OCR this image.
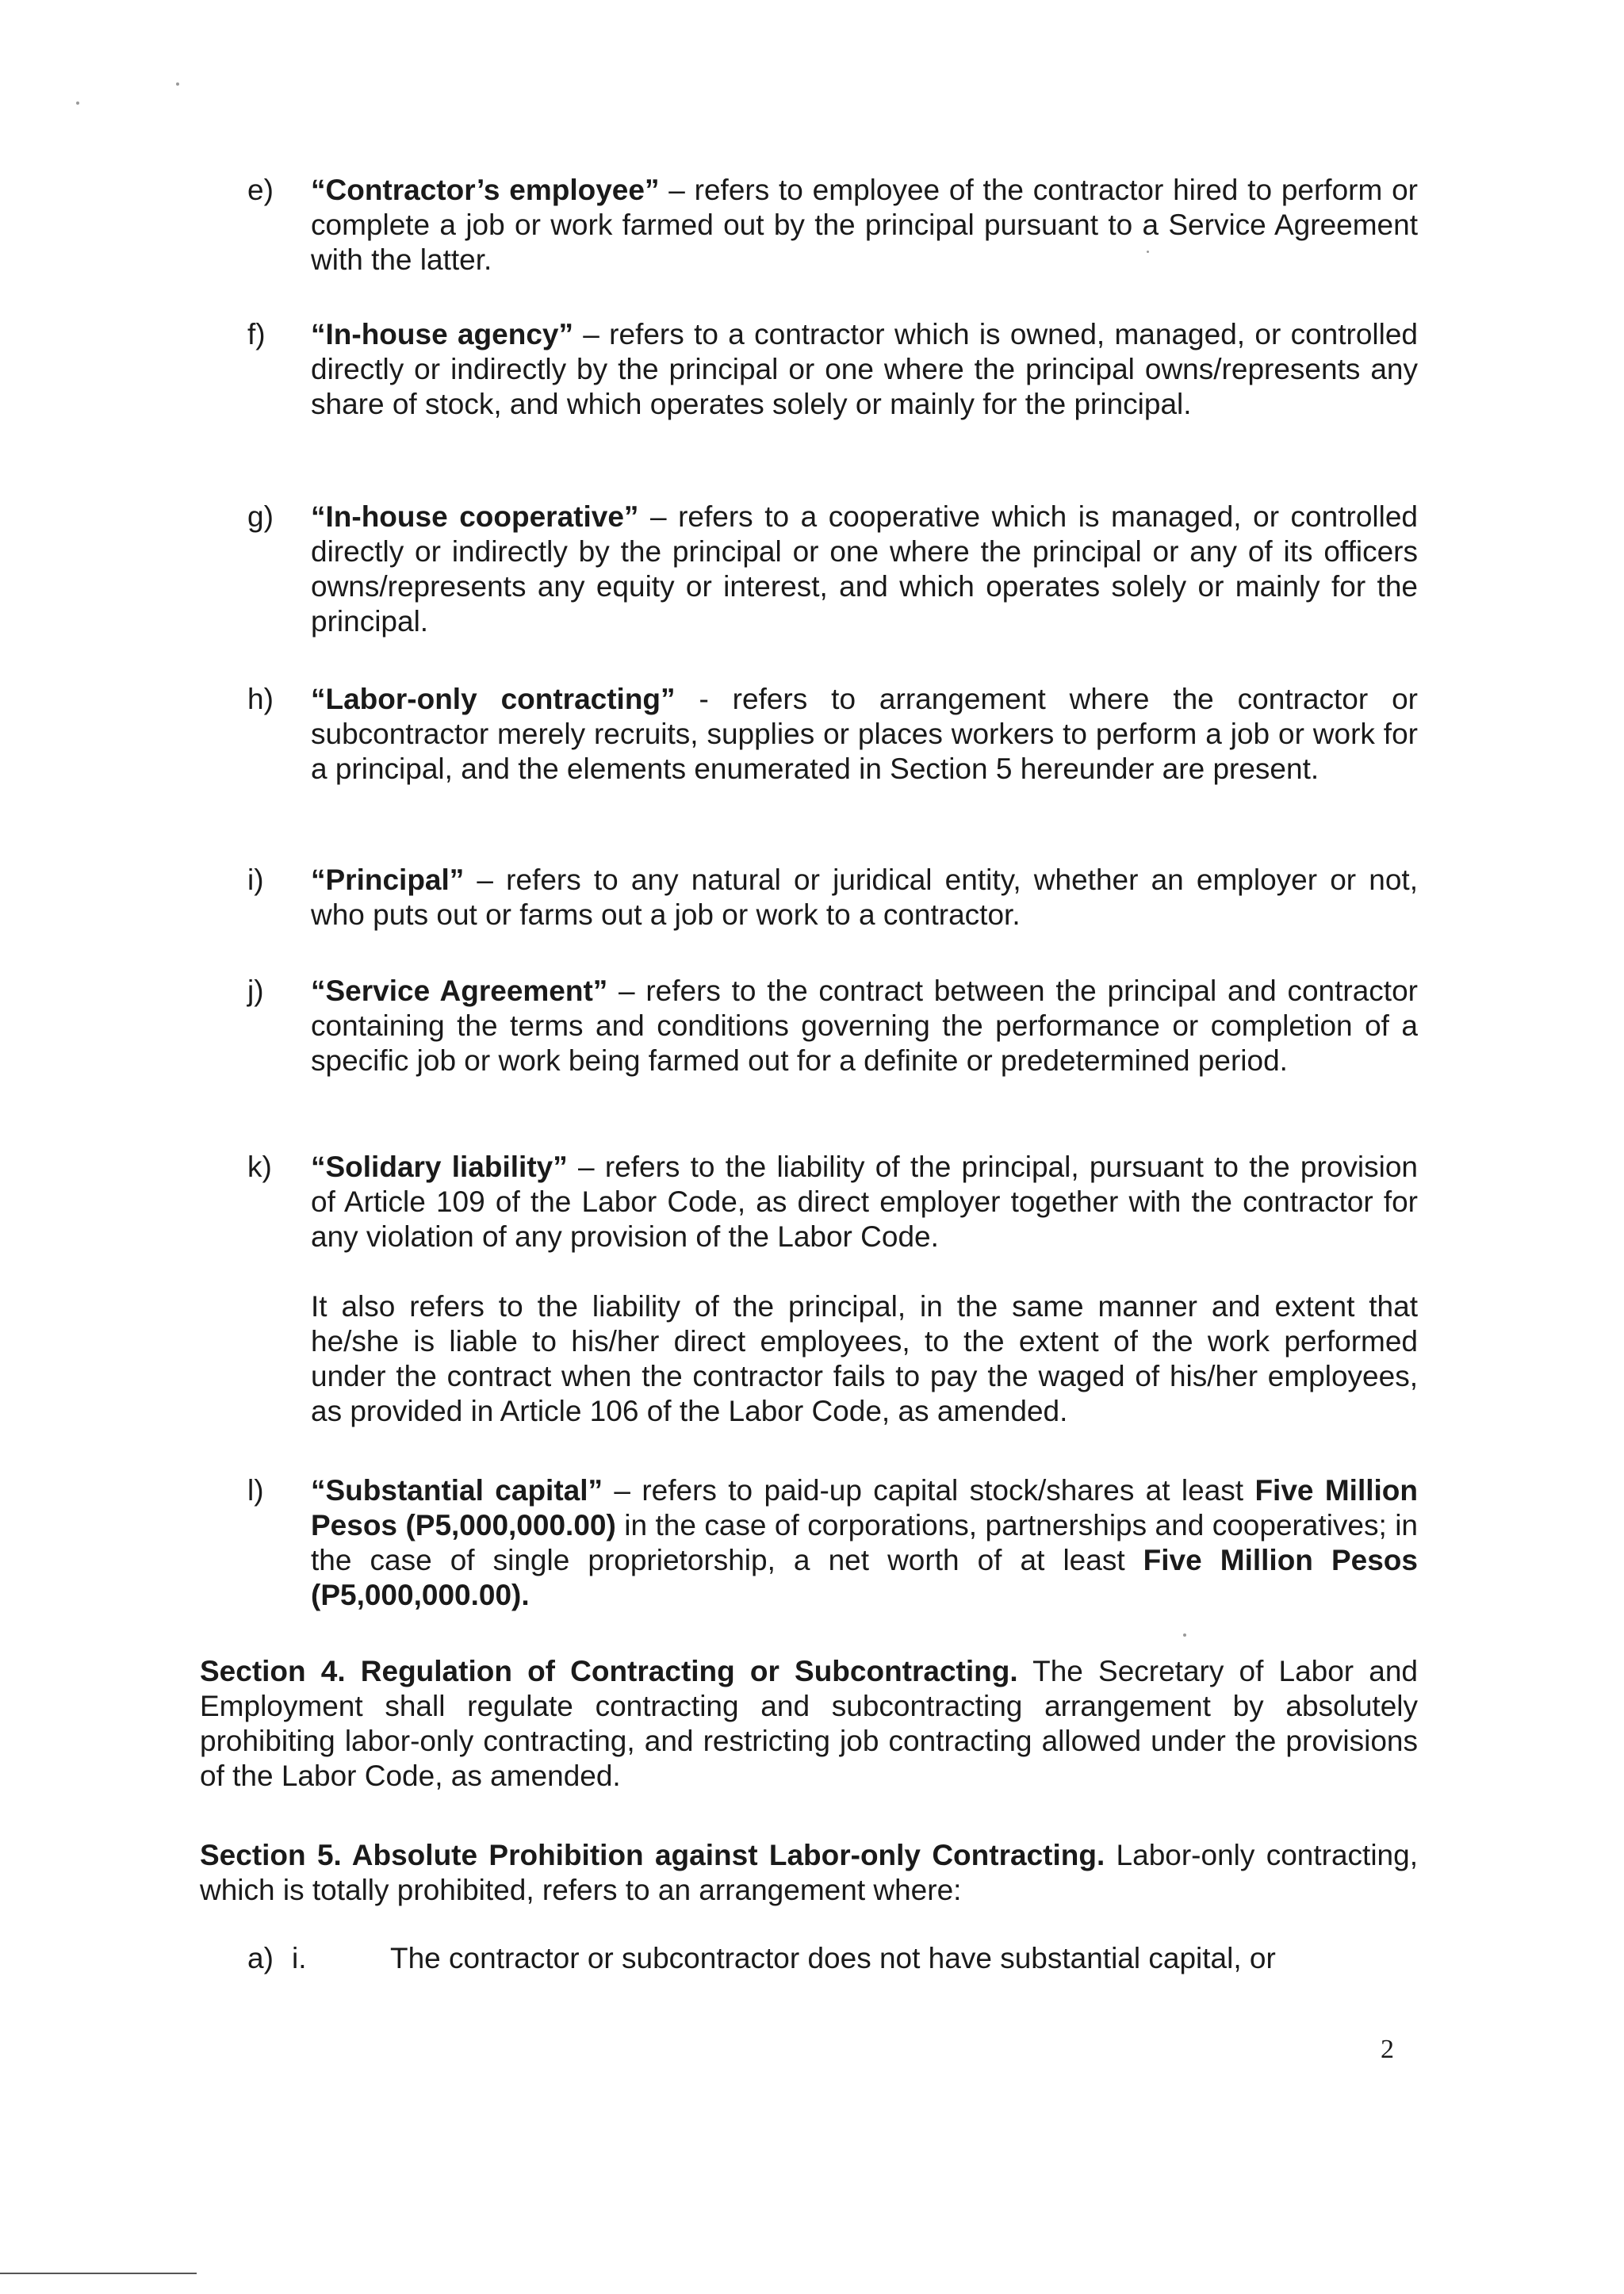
e) “Contractor’s employee” – refers to employee of the contractor hired to perform or complete a job or work farmed out by the principal pursuant to a Service Agreement with the latter.

f) “In-house agency” – refers to a contractor which is owned, managed, or controlled directly or indirectly by the principal or one where the principal owns/represents any share of stock, and which operates solely or mainly for the principal.

g) “In-house cooperative” – refers to a cooperative which is managed, or controlled directly or indirectly by the principal or one where the principal or any of its officers owns/represents any equity or interest, and which operates solely or mainly for the principal.

h) “Labor-only contracting” - refers to arrangement where the contractor or subcontractor merely recruits, supplies or places workers to perform a job or work for a principal, and the elements enumerated in Section 5 hereunder are present.

i) “Principal” – refers to any natural or juridical entity, whether an employer or not, who puts out or farms out a job or work to a contractor.

j) “Service Agreement” – refers to the contract between the principal and contractor containing the terms and conditions governing the performance or completion of a specific job or work being farmed out for a definite or predetermined period.

k) “Solidary liability” – refers to the liability of the principal, pursuant to the provision of Article 109 of the Labor Code, as direct employer together with the contractor for any violation of any provision of the Labor Code.

It also refers to the liability of the principal, in the same manner and extent that he/she is liable to his/her direct employees, to the extent of the work performed under the contract when the contractor fails to pay the waged of his/her employees, as provided in Article 106 of the Labor Code, as amended.

l) “Substantial capital” – refers to paid-up capital stock/shares at least Five Million Pesos (P5,000,000.00) in the case of corporations, partnerships and cooperatives; in the case of single proprietorship, a net worth of at least Five Million Pesos (P5,000,000.00).

Section 4. Regulation of Contracting or Subcontracting. The Secretary of Labor and Employment shall regulate contracting and subcontracting arrangement by absolutely prohibiting labor-only contracting, and restricting job contracting allowed under the provisions of the Labor Code, as amended.
Section 5. Absolute Prohibition against Labor-only Contracting. Labor-only contracting, which is totally prohibited, refers to an arrangement where:
a) i.	The contractor or subcontractor does not have substantial capital, or
2
